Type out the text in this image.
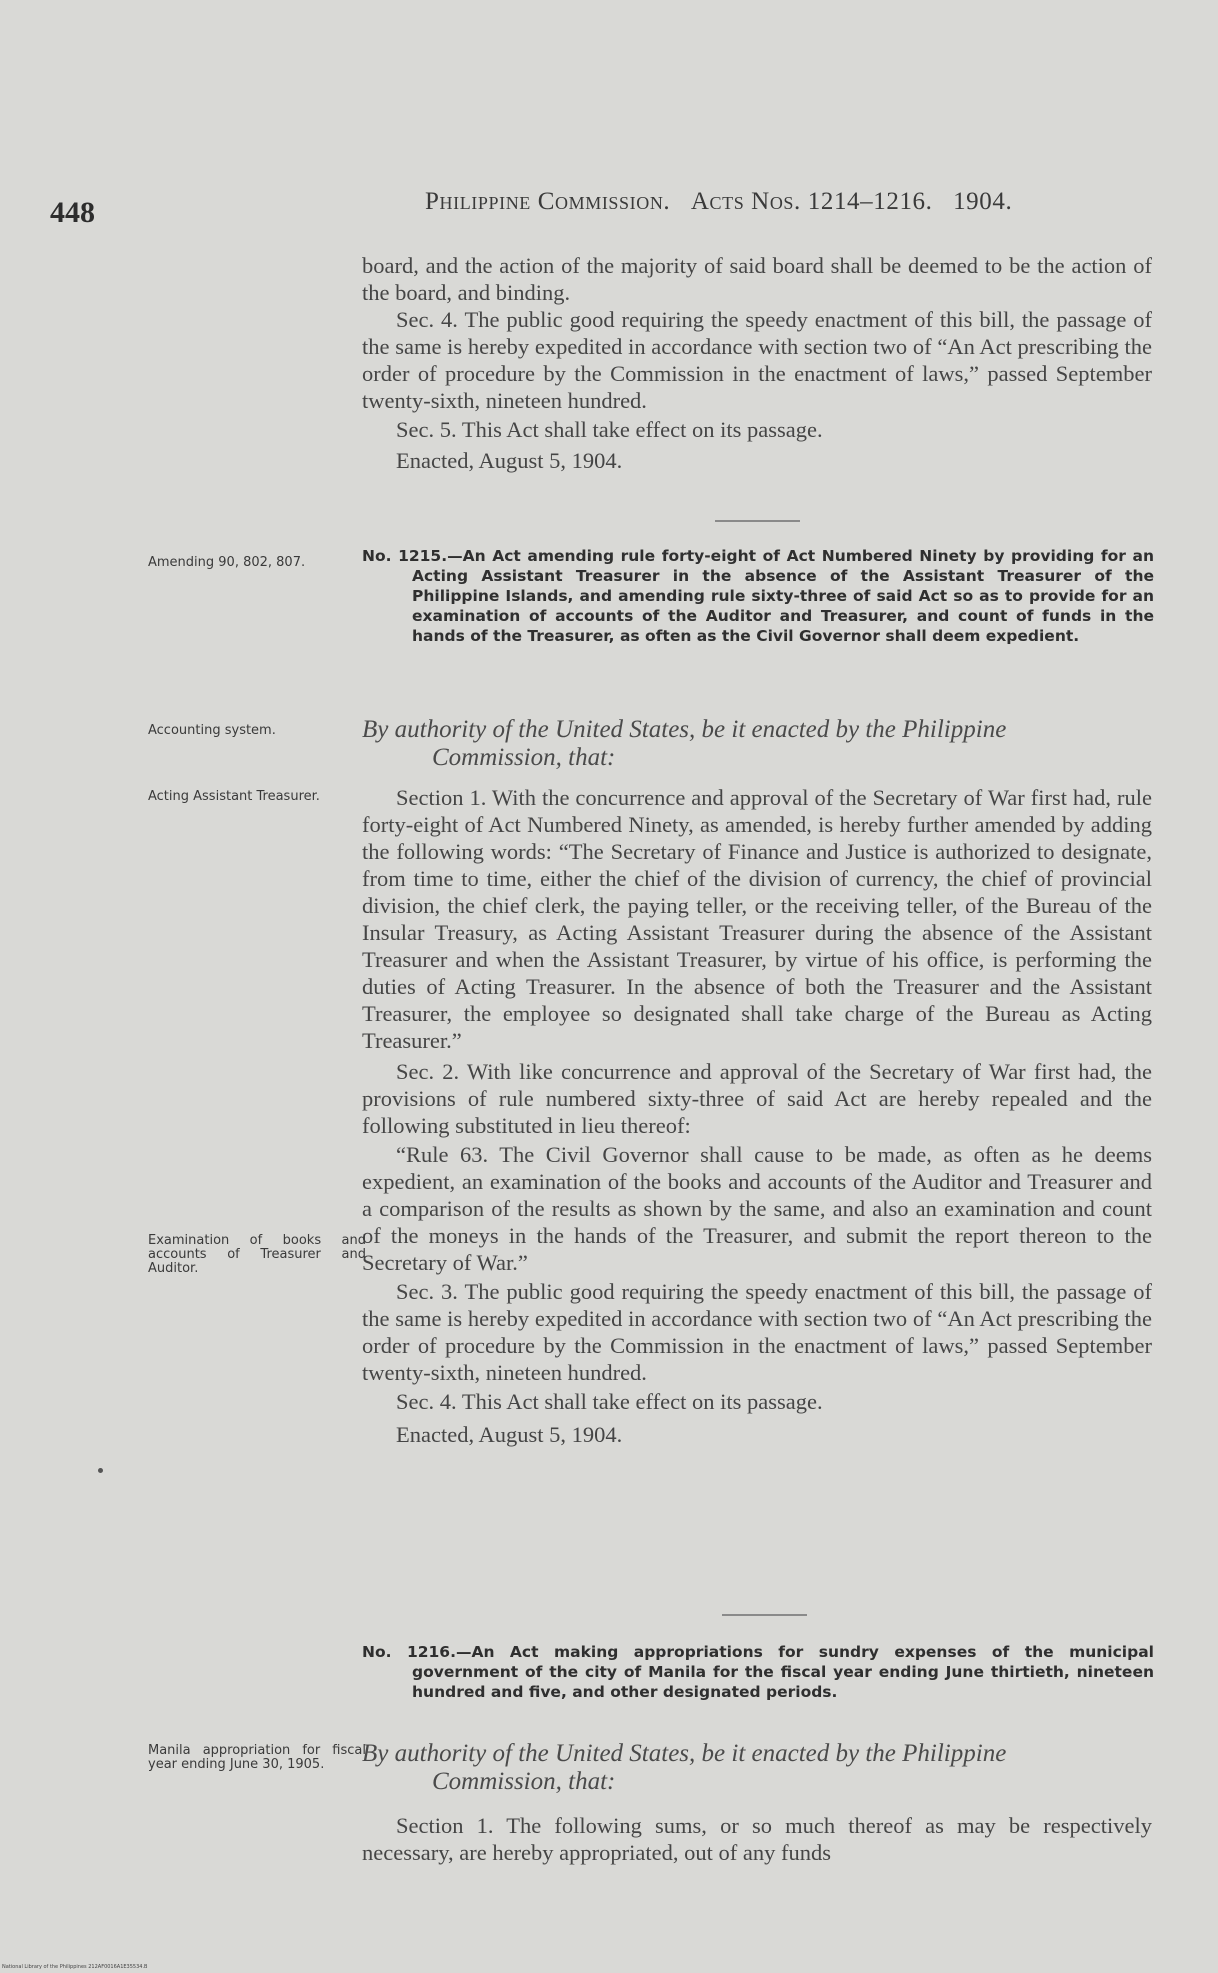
448	Philippine Commission. Acts Nos. 1214–1216. 1904.

board, and the action of the majority of said board shall be deemed to be the action of the board, and binding.

Sec. 4. The public good requiring the speedy enactment of this bill, the passage of the same is hereby expedited in accordance with section two of “An Act prescribing the order of procedure by the Commission in the enactment of laws,” passed September twenty-sixth, nineteen hundred.

Sec. 5. This Act shall take effect on its passage.

Enacted, August 5, 1904.

Amending 90, 802, 807.	No. 1215.—An Act amending rule forty-eight of Act Numbered Ninety by providing for an Acting Assistant Treasurer in the absence of the Assistant Treasurer of the Philippine Islands, and amending rule sixty-three of said Act so as to provide for an examination of accounts of the Auditor and Treasurer, and count of funds in the hands of the Treasurer, as often as the Civil Governor shall deem expedient.
Accounting system.	By authority of the United States, be it enacted by the Philippine
Commission, that:
Acting Assistant Treasurer.	Section 1. With the concurrence and approval of the Secretary of War first had, rule forty-eight of Act Numbered Ninety, as amended, is hereby further amended by adding the following words: “The Secretary of Finance and Justice is authorized to designate, from time to time, either the chief of the division of currency, the chief of provincial division, the chief clerk, the paying teller, or the receiving teller, of the Bureau of the Insular Treasury, as Acting Assistant Treasurer during the absence of the Assistant Treasurer and when the Assistant Treasurer, by virtue of his office, is performing the duties of Acting Treasurer. In the absence of both the Treasurer and the Assistant Treasurer, the employee so designated shall take charge of the Bureau as Acting Treasurer.”

Sec. 2. With like concurrence and approval of the Secretary of War first had, the provisions of rule numbered sixty-three of said Act are hereby repealed and the following substituted in lieu thereof:

“Rule 63. The Civil Governor shall cause to be made, as often as he deems expedient, an examination of the books and accounts of the Auditor and Treasurer and a comparison of the results as shown by the same, and also an examination and count of the moneys in the hands of the Treasurer, and submit the report thereon to the Secretary of War.”

Sec. 3. The public good requiring the speedy enactment of this bill, the passage of the same is hereby expedited in accordance with section two of “An Act prescribing the order of procedure by the Commission in the enactment of laws,” passed September twenty-sixth, nineteen hundred.

Sec. 4. This Act shall take effect on its passage.

Enacted, August 5, 1904.

Examination of books and accounts of Treasurer and Auditor.
No. 1216.—An Act making appropriations for sundry expenses of the municipal government of the city of Manila for the fiscal year ending June thirtieth, nineteen hundred and five, and other designated periods.
Manila appropriation for fiscal year ending June 30, 1905.	By authority of the United States, be it enacted by the Philippine
Commission, that:

Section 1. The following sums, or so much thereof as may be respectively necessary, are hereby appropriated, out of any funds

National Library of the Philippines 212AF0016A1E35534.B
